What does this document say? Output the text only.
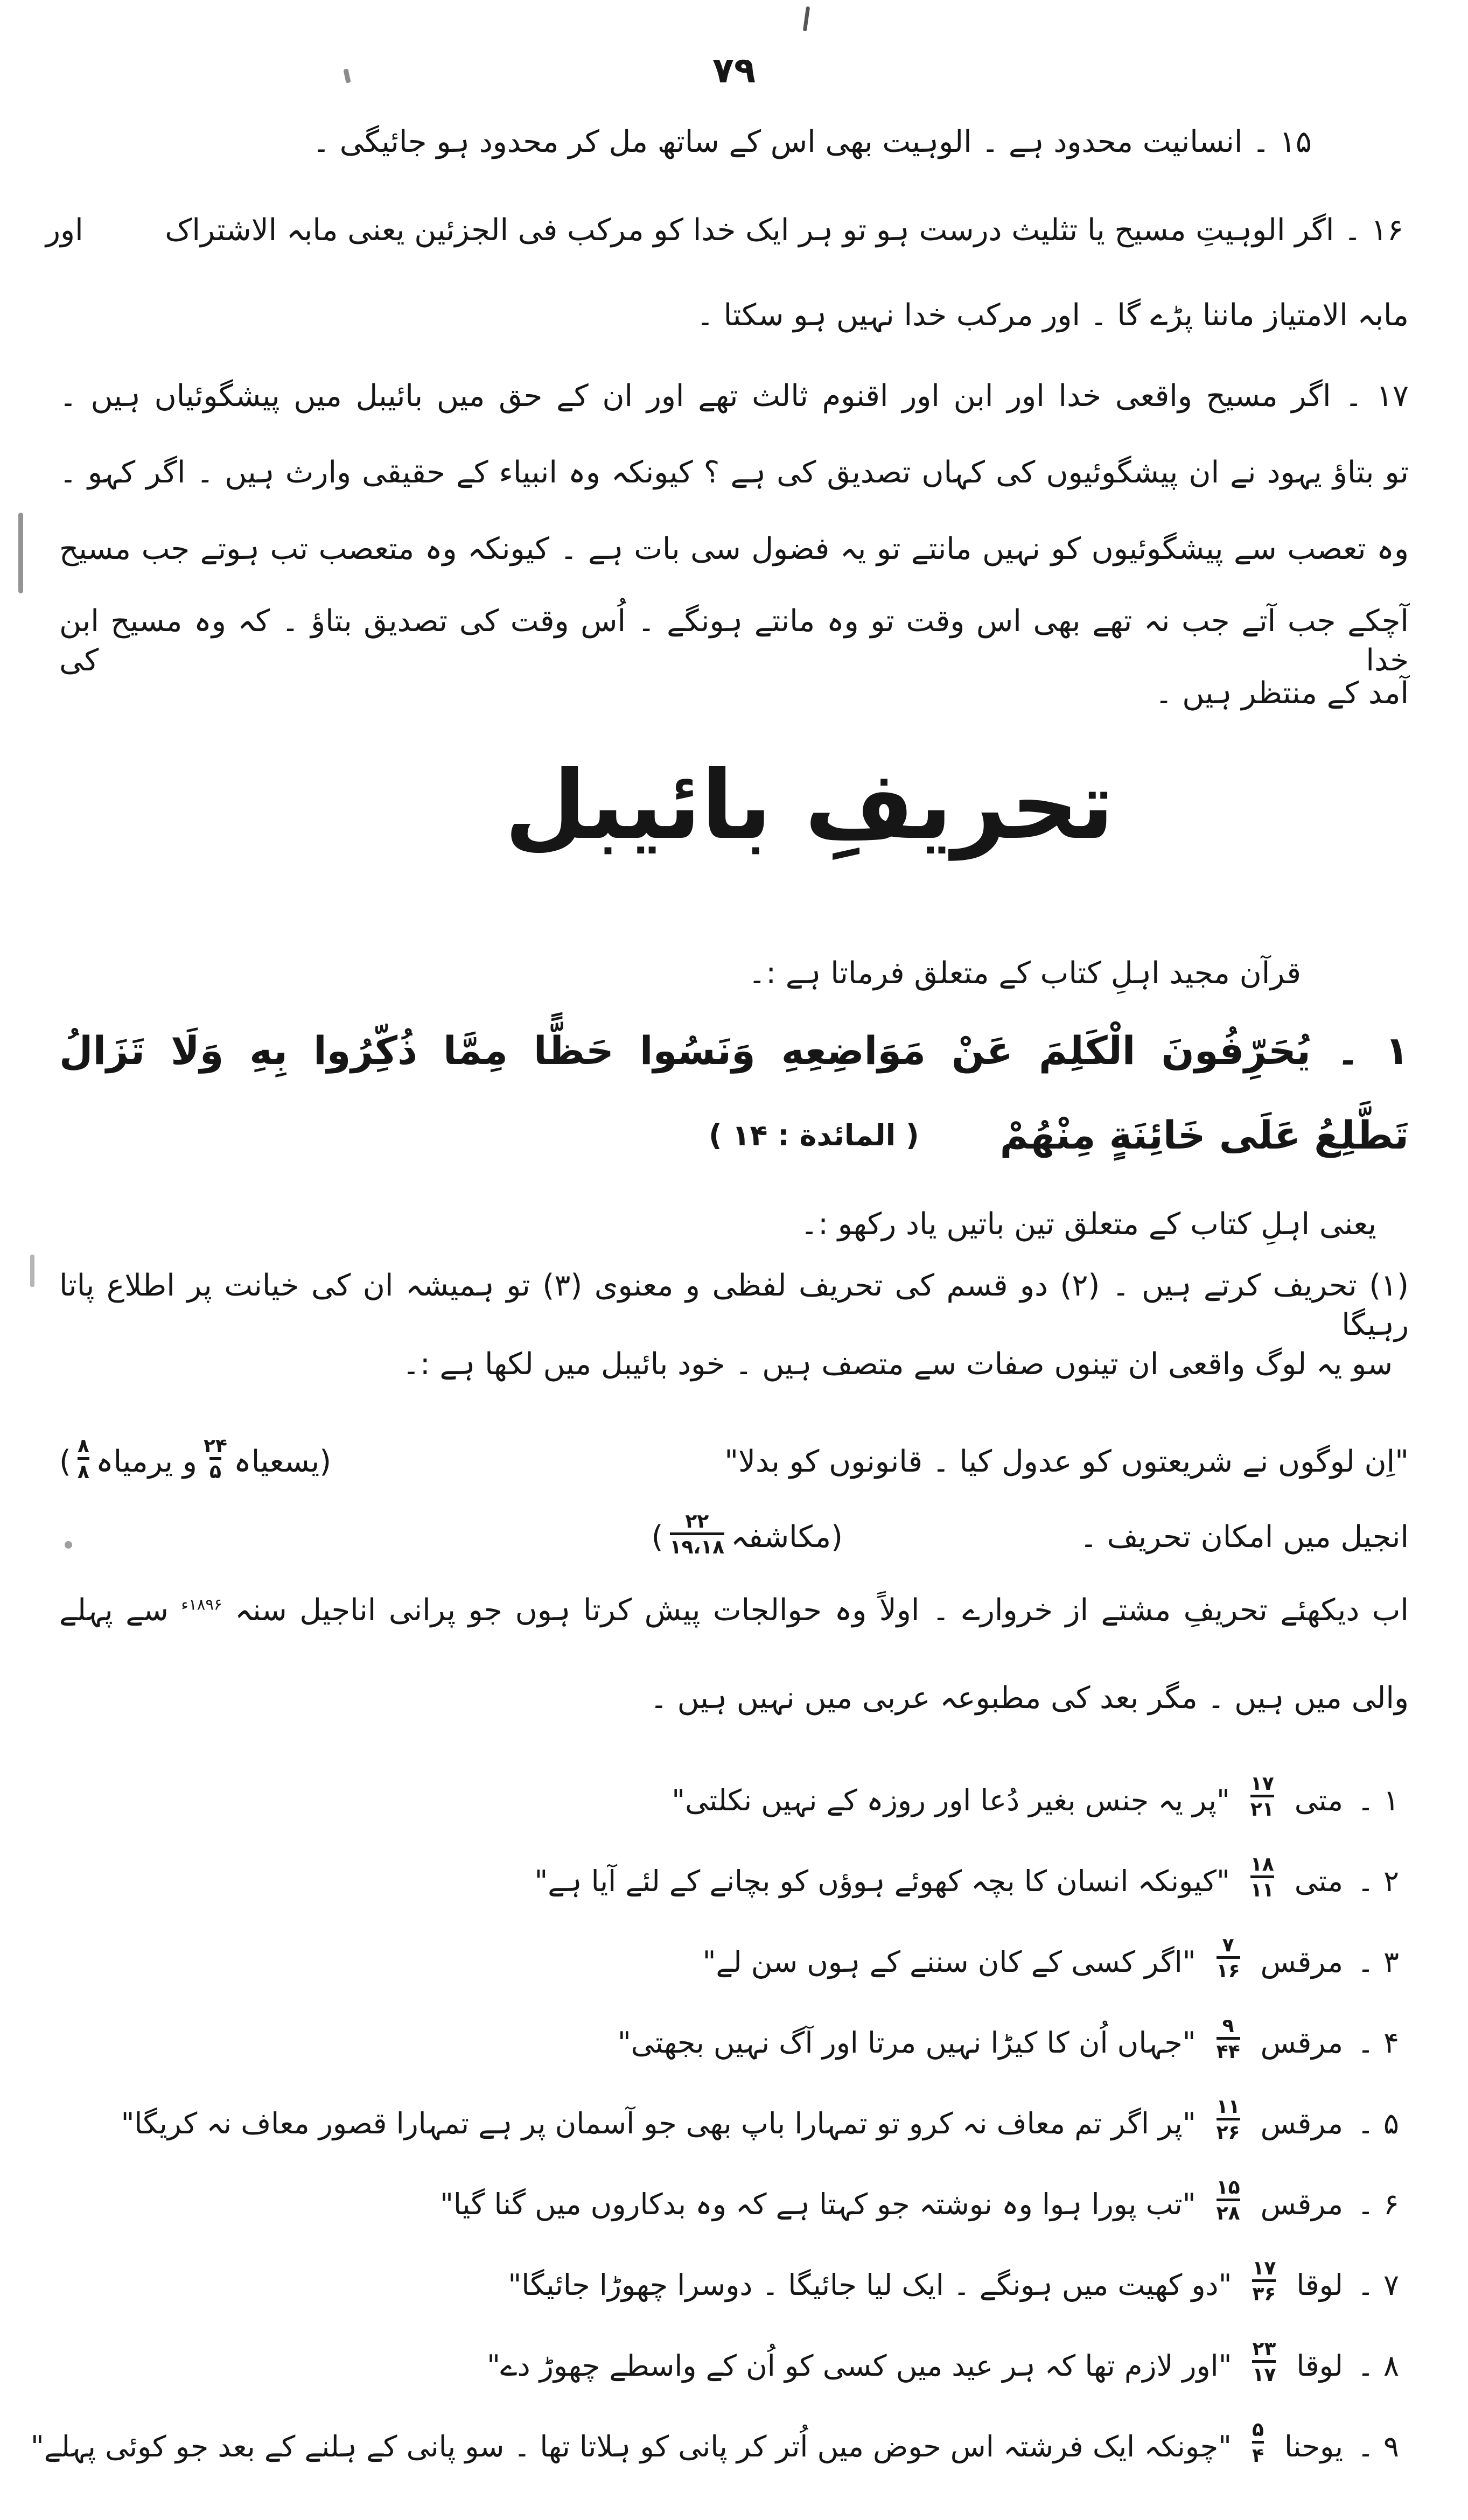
۷۹
۱۵ ۔ انسانیت محدود ہے ۔ الوہیت بھی اس کے ساتھ مل کر محدود ہو جائیگی ۔
۱۶ ۔ اگر الوہیتِ مسیح یا تثلیث درست ہو تو ہر ایک خدا کو مرکب فی الجزئین یعنی مابہ الاشتراک
اور
مابہ الامتیاز ماننا پڑے گا ۔ اور مرکب خدا نہیں ہو سکتا ۔
۱۷ ۔ اگر مسیح واقعی خدا اور ابن اور اقنوم ثالث تھے اور ان کے حق میں بائیبل میں پیشگوئیاں ہیں ۔
تو بتاؤ یہود نے ان پیشگوئیوں کی کہاں تصدیق کی ہے ؟ کیونکہ وہ انبیاء کے حقیقی وارث ہیں ۔ اگر کہو ۔
وہ تعصب سے پیشگوئیوں کو نہیں مانتے تو یہ فضول سی بات ہے ۔ کیونکہ وہ متعصب تب ہوتے جب مسیح
آچکے جب آتے جب نہ تھے بھی اس وقت تو وہ مانتے ہونگے ۔ اُس وقت کی تصدیق بتاؤ ۔ کہ وہ مسیح ابن خدا کی
آمد کے منتظر ہیں ۔
تحریفِ بائیبل
قرآن مجید اہلِ کتاب کے متعلق فرماتا ہے :۔
۱ ۔ يُحَرِّفُونَ الْكَلِمَ عَنْ مَوَاضِعِهِ وَنَسُوا حَظًّا مِمَّا ذُكِّرُوا بِهِ وَلَا تَزَالُ
تَطَّلِعُ عَلَى خَائِنَةٍ مِنْهُمْ
( المائدة : ۱۴ )
یعنی اہلِ کتاب کے متعلق تین باتیں یاد رکھو :۔
(۱) تحریف کرتے ہیں ۔ (۲) دو قسم کی تحریف لفظی و معنوی (۳) تو ہمیشہ ان کی خیانت پر اطلاع پاتا رہیگا
سو یہ لوگ واقعی ان تینوں صفات سے متصف ہیں ۔ خود بائیبل میں لکھا ہے :۔
"اِن لوگوں نے شریعتوں کو عدول کیا ۔ قانونوں کو بدلا"
(یسعیاہ
$\frac{۲۴}{۵}$
و یرمیاہ
$\frac{۸}{۸}$
)
انجیل میں امکان تحریف ۔
(مکاشفہ
$\frac{۲۲}{۱۹،۱۸}$
)
اب دیکھئے تحریفِ مشتے از خروارے ۔ اولاً وہ حوالجات پیش کرتا ہوں جو پرانی اناجیل سنہ $^{۱۸۹۶ء}$ سے پہلے
والی میں ہیں ۔ مگر بعد کی مطبوعہ عربی میں نہیں ہیں ۔
۱ ۔
متی
$\frac{۱۷}{۲۱}$
"پر یہ جنس بغیر دُعا اور روزہ کے نہیں نکلتی"
۲ ۔
متی
$\frac{۱۸}{۱۱}$
"کیونکہ انسان کا بچہ کھوئے ہوؤں کو بچانے کے لئے آیا ہے"
۳ ۔
مرقس
$\frac{۷}{۱۶}$
"اگر کسی کے کان سننے کے ہوں سن لے"
۴ ۔
مرقس
$\frac{۹}{۴۴}$
"جہاں اُن کا کیڑا نہیں مرتا اور آگ نہیں بجھتی"
۵ ۔
مرقس
$\frac{۱۱}{۲۶}$
"پر اگر تم معاف نہ کرو تو تمہارا باپ بھی جو آسمان پر ہے تمہارا قصور معاف نہ کریگا"
۶ ۔
مرقس
$\frac{۱۵}{۲۸}$
"تب پورا ہوا وہ نوشتہ جو کہتا ہے کہ وہ بدکاروں میں گنا گیا"
۷ ۔
لوقا
$\frac{۱۷}{۳۶}$
"دو کھیت میں ہونگے ۔ ایک لیا جائیگا ۔ دوسرا چھوڑا جائیگا"
۸ ۔
لوقا
$\frac{۲۳}{۱۷}$
"اور لازم تھا کہ ہر عید میں کسی کو اُن کے واسطے چھوڑ دے"
۹ ۔
یوحنا
$\frac{۵}{۴}$
"چونکہ ایک فرشتہ اس حوض میں اُتر کر پانی کو ہلاتا تھا ۔ سو پانی کے ہلنے کے بعد جو کوئی پہلے"
